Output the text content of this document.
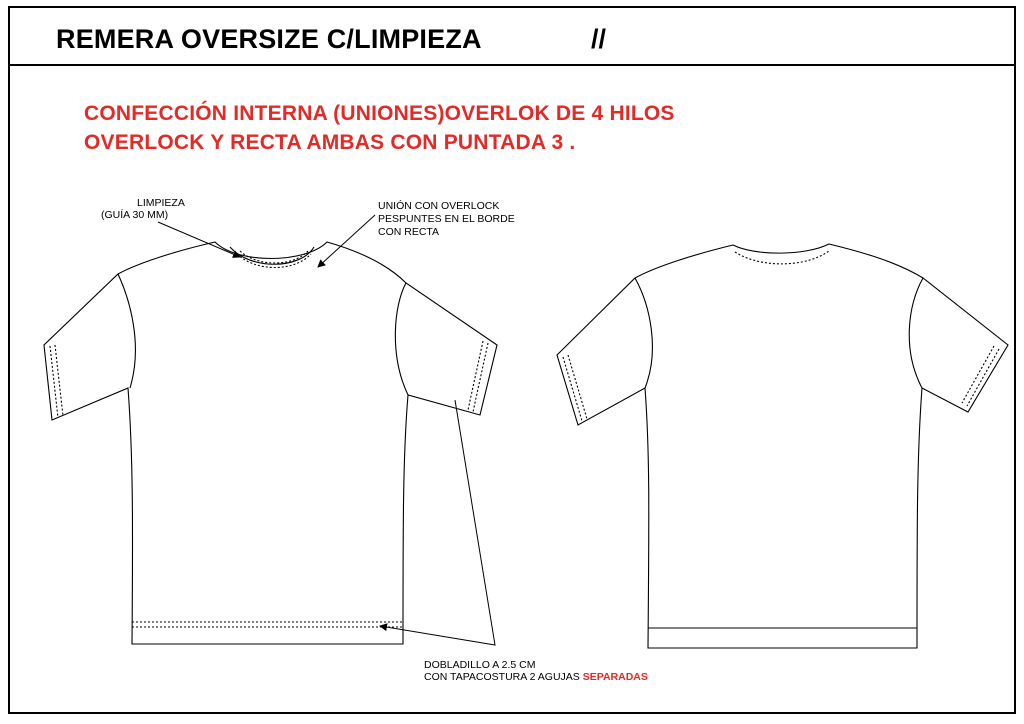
REMERA OVERSIZE C/LIMPIEZA	//
CONFECCIÓN INTERNA (UNIONES)OVERLOK DE 4 HILOS
OVERLOCK Y RECTA AMBAS CON PUNTADA 3 .
LIMPIEZA
(GUÍA 30 MM)
UNIÓN CON OVERLOCK
PESPUNTES EN EL BORDE
CON RECTA
DOBLADILLO A 2.5 CM
CON TAPACOSTURA 2 AGUJAS SEPARADAS
